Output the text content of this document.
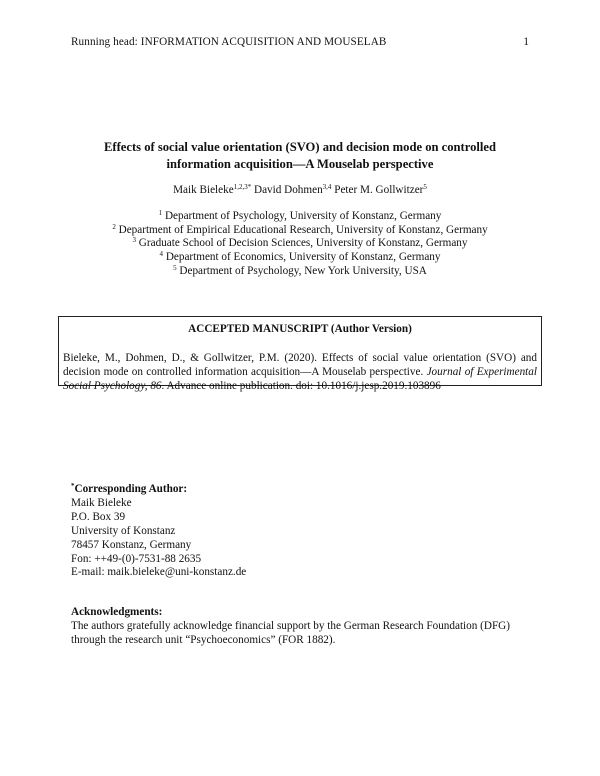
Running head: INFORMATION ACQUISITION AND MOUSELAB	1
Effects of social value orientation (SVO) and decision mode on controlled
information acquisition—A Mouselab perspective
Maik Bieleke$^{1,2,3*}$ David Dohmen$^{3,4}$ Peter M. Gollwitzer$^5$
$^1$ Department of Psychology, University of Konstanz, Germany
$^2$ Department of Empirical Educational Research, University of Konstanz, Germany
$^3$ Graduate School of Decision Sciences, University of Konstanz, Germany
$^4$ Department of Economics, University of Konstanz, Germany
$^5$ Department of Psychology, New York University, USA
ACCEPTED MANUSCRIPT (Author Version)
Bieleke, M., Dohmen, D., & Gollwitzer, P.M. (2020). Effects of social value orientation (SVO) and decision mode on controlled information acquisition—A Mouselab perspective. Journal of Experimental Social Psychology, 86. Advance online publication. doi: 10.1016/j.jesp.2019.103896
*Corresponding Author:
Maik Bieleke
P.O. Box 39
University of Konstanz
78457 Konstanz, Germany
Fon: ++49-(0)-7531-88 2635
E-mail: maik.bieleke@uni-konstanz.de
Acknowledgments:
The authors gratefully acknowledge financial support by the German Research Foundation (DFG) through the research unit “Psychoeconomics” (FOR 1882).
